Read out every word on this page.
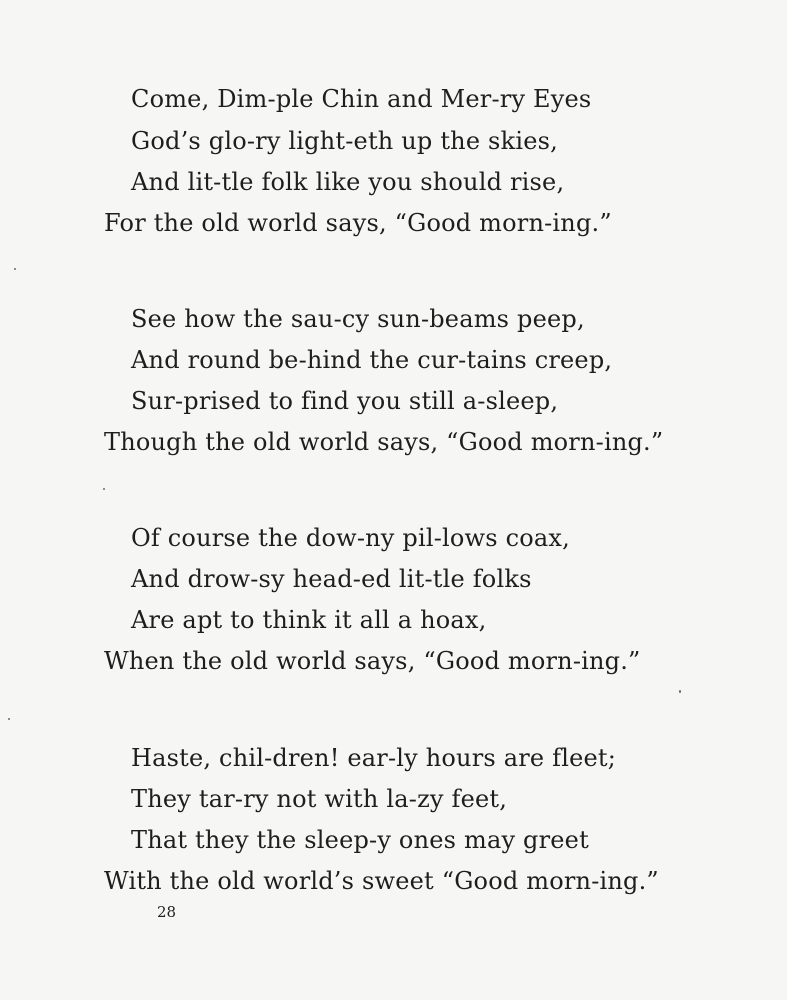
Come, Dim-ple Chin and Mer-ry Eyes
God’s glo-ry light-eth up the skies,
And lit-tle folk like you should rise,
For the old world says, “Good morn-ing.”
See how the sau-cy sun-beams peep,
And round be-hind the cur-tains creep,
Sur-prised to find you still a-sleep,
Though the old world says, “Good morn-ing.”
Of course the dow-ny pil-lows coax,
And drow-sy head-ed lit-tle folks
Are apt to think it all a hoax,
When the old world says, “Good morn-ing.”
Haste, chil-dren! ear-ly hours are fleet;
They tar-ry not with la-zy feet,
That they the sleep-y ones may greet
With the old world’s sweet “Good morn-ing.”
28
